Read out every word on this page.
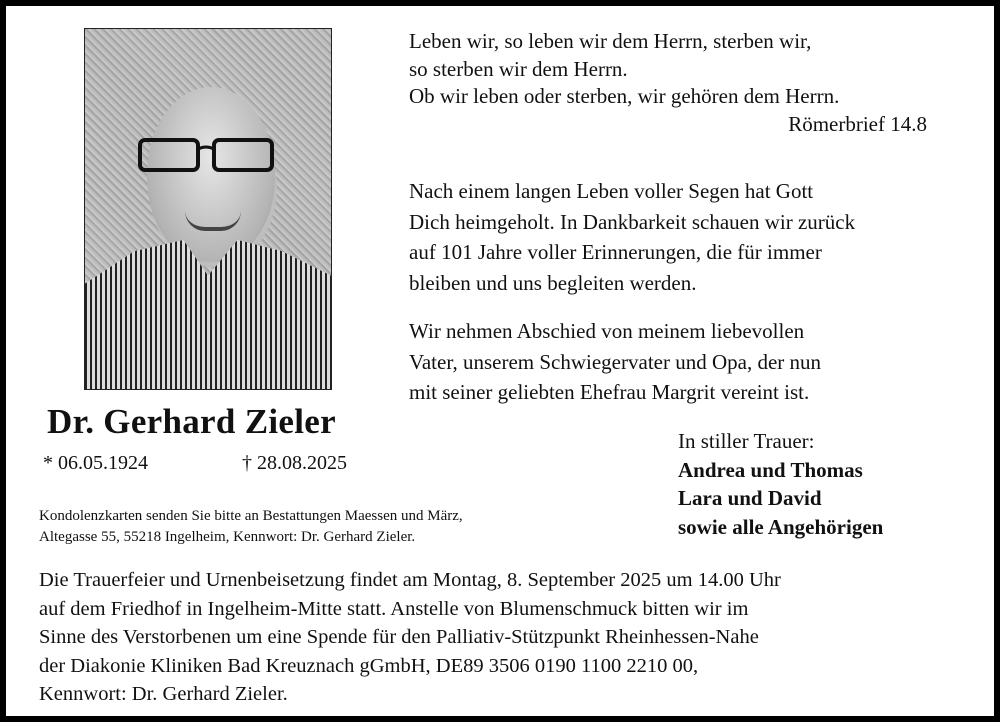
Leben wir, so leben wir dem Herrn, sterben wir,
so sterben wir dem Herrn.
Ob wir leben oder sterben, wir gehören dem Herrn.
Römerbrief 14.8
Nach einem langen Leben voller Segen hat Gott
Dich heimgeholt. In Dankbarkeit schauen wir zurück
auf 101 Jahre voller Erinnerungen, die für immer
bleiben und uns begleiten werden.
Wir nehmen Abschied von meinem liebevollen
Vater, unserem Schwiegervater und Opa, der nun
mit seiner geliebten Ehefrau Margrit vereint ist.
Dr. Gerhard Zieler
* 06.05.1924	† 28.08.2025
Kondolenzkarten senden Sie bitte an Bestattungen Maessen und März,
Altegasse 55, 55218 Ingelheim, Kennwort: Dr. Gerhard Zieler.
In stiller Trauer:
Andrea und Thomas
Lara und David
sowie alle Angehörigen
Die Trauerfeier und Urnenbeisetzung findet am Montag, 8. September 2025 um 14.00 Uhr
auf dem Friedhof in Ingelheim-Mitte statt. Anstelle von Blumenschmuck bitten wir im
Sinne des Verstorbenen um eine Spende für den Palliativ-Stützpunkt Rheinhessen-Nahe
der Diakonie Kliniken Bad Kreuznach gGmbH, DE89 3506 0190 1100 2210 00,
Kennwort: Dr. Gerhard Zieler.
